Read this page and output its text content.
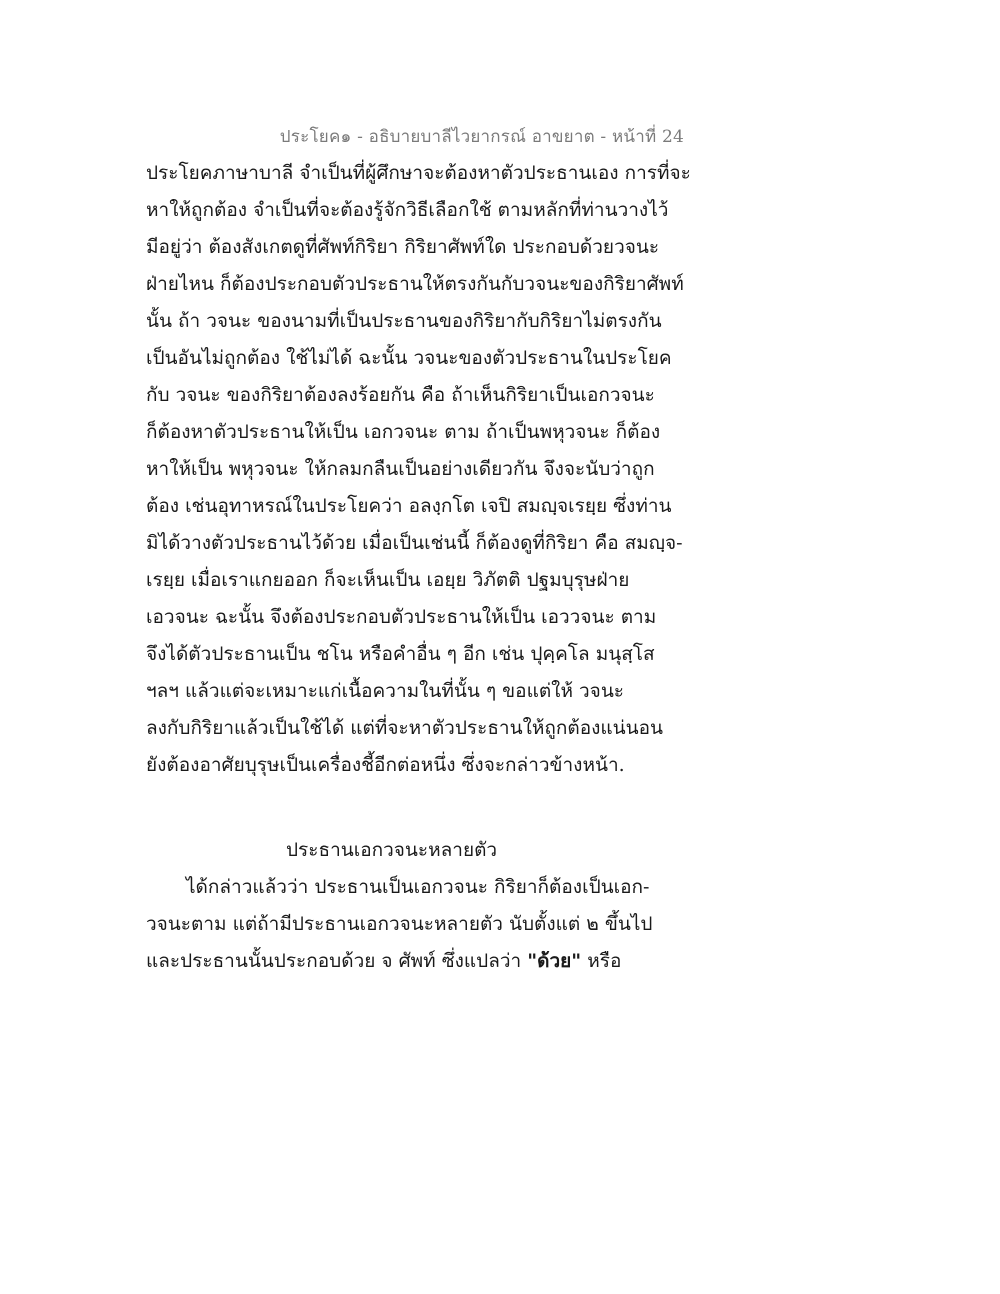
ประโยค๑ - อธิบายบาลีไวยากรณ์ อาขยาต - หน้าที่ 24
ประโยคภาษาบาลี จำเป็นที่ผู้ศึกษาจะต้องหาตัวประธานเอง การที่จะ
หาให้ถูกต้อง จำเป็นที่จะต้องรู้จักวิธีเลือกใช้ ตามหลักที่ท่านวางไว้
มีอยู่ว่า ต้องสังเกตดูที่ศัพท์กิริยา กิริยาศัพท์ใด ประกอบด้วยวจนะ
ฝ่ายไหน ก็ต้องประกอบตัวประธานให้ตรงกันกับวจนะของกิริยาศัพท์
นั้น ถ้า วจนะ ของนามที่เป็นประธานของกิริยากับกิริยาไม่ตรงกัน
เป็นอันไม่ถูกต้อง ใช้ไม่ได้ ฉะนั้น วจนะของตัวประธานในประโยค
กับ วจนะ ของกิริยาต้องลงร้อยกัน คือ ถ้าเห็นกิริยาเป็นเอกวจนะ
ก็ต้องหาตัวประธานให้เป็น เอกวจนะ ตาม ถ้าเป็นพหุวจนะ ก็ต้อง
หาให้เป็น พหุวจนะ ให้กลมกลืนเป็นอย่างเดียวกัน จึงจะนับว่าถูก
ต้อง เช่นอุทาหรณ์ในประโยคว่า อลงฺกโต เจปิ สมญฺจเรยฺย ซึ่งท่าน
มิได้วางตัวประธานไว้ด้วย เมื่อเป็นเช่นนี้ ก็ต้องดูที่กิริยา คือ สมญฺจ-
เรยฺย เมื่อเราแกยออก ก็จะเห็นเป็น เอยฺย วิภัตติ ปฐมบุรุษฝ่าย
เอวจนะ ฉะนั้น จึงต้องประกอบตัวประธานให้เป็น เอววจนะ ตาม
จึงได้ตัวประธานเป็น ชโน หรือคำอื่น ๆ อีก เช่น ปุคฺคโล มนุสฺโส
ฯลฯ แล้วแต่จะเหมาะแก่เนื้อความในที่นั้น ๆ ขอแต่ให้ วจนะ
ลงกับกิริยาแล้วเป็นใช้ได้ แต่ที่จะหาตัวประธานให้ถูกต้องแน่นอน
ยังต้องอาศัยบุรุษเป็นเครื่องชี้อีกต่อหนึ่ง ซึ่งจะกล่าวข้างหน้า.
ประธานเอกวจนะหลายตัว
ได้กล่าวแล้วว่า ประธานเป็นเอกวจนะ กิริยาก็ต้องเป็นเอก-
วจนะตาม แต่ถ้ามีประธานเอกวจนะหลายตัว นับตั้งแต่ ๒ ขึ้นไป
และประธานนั้นประกอบด้วย จ ศัพท์ ซึ่งแปลว่า "ด้วย" หรือ
